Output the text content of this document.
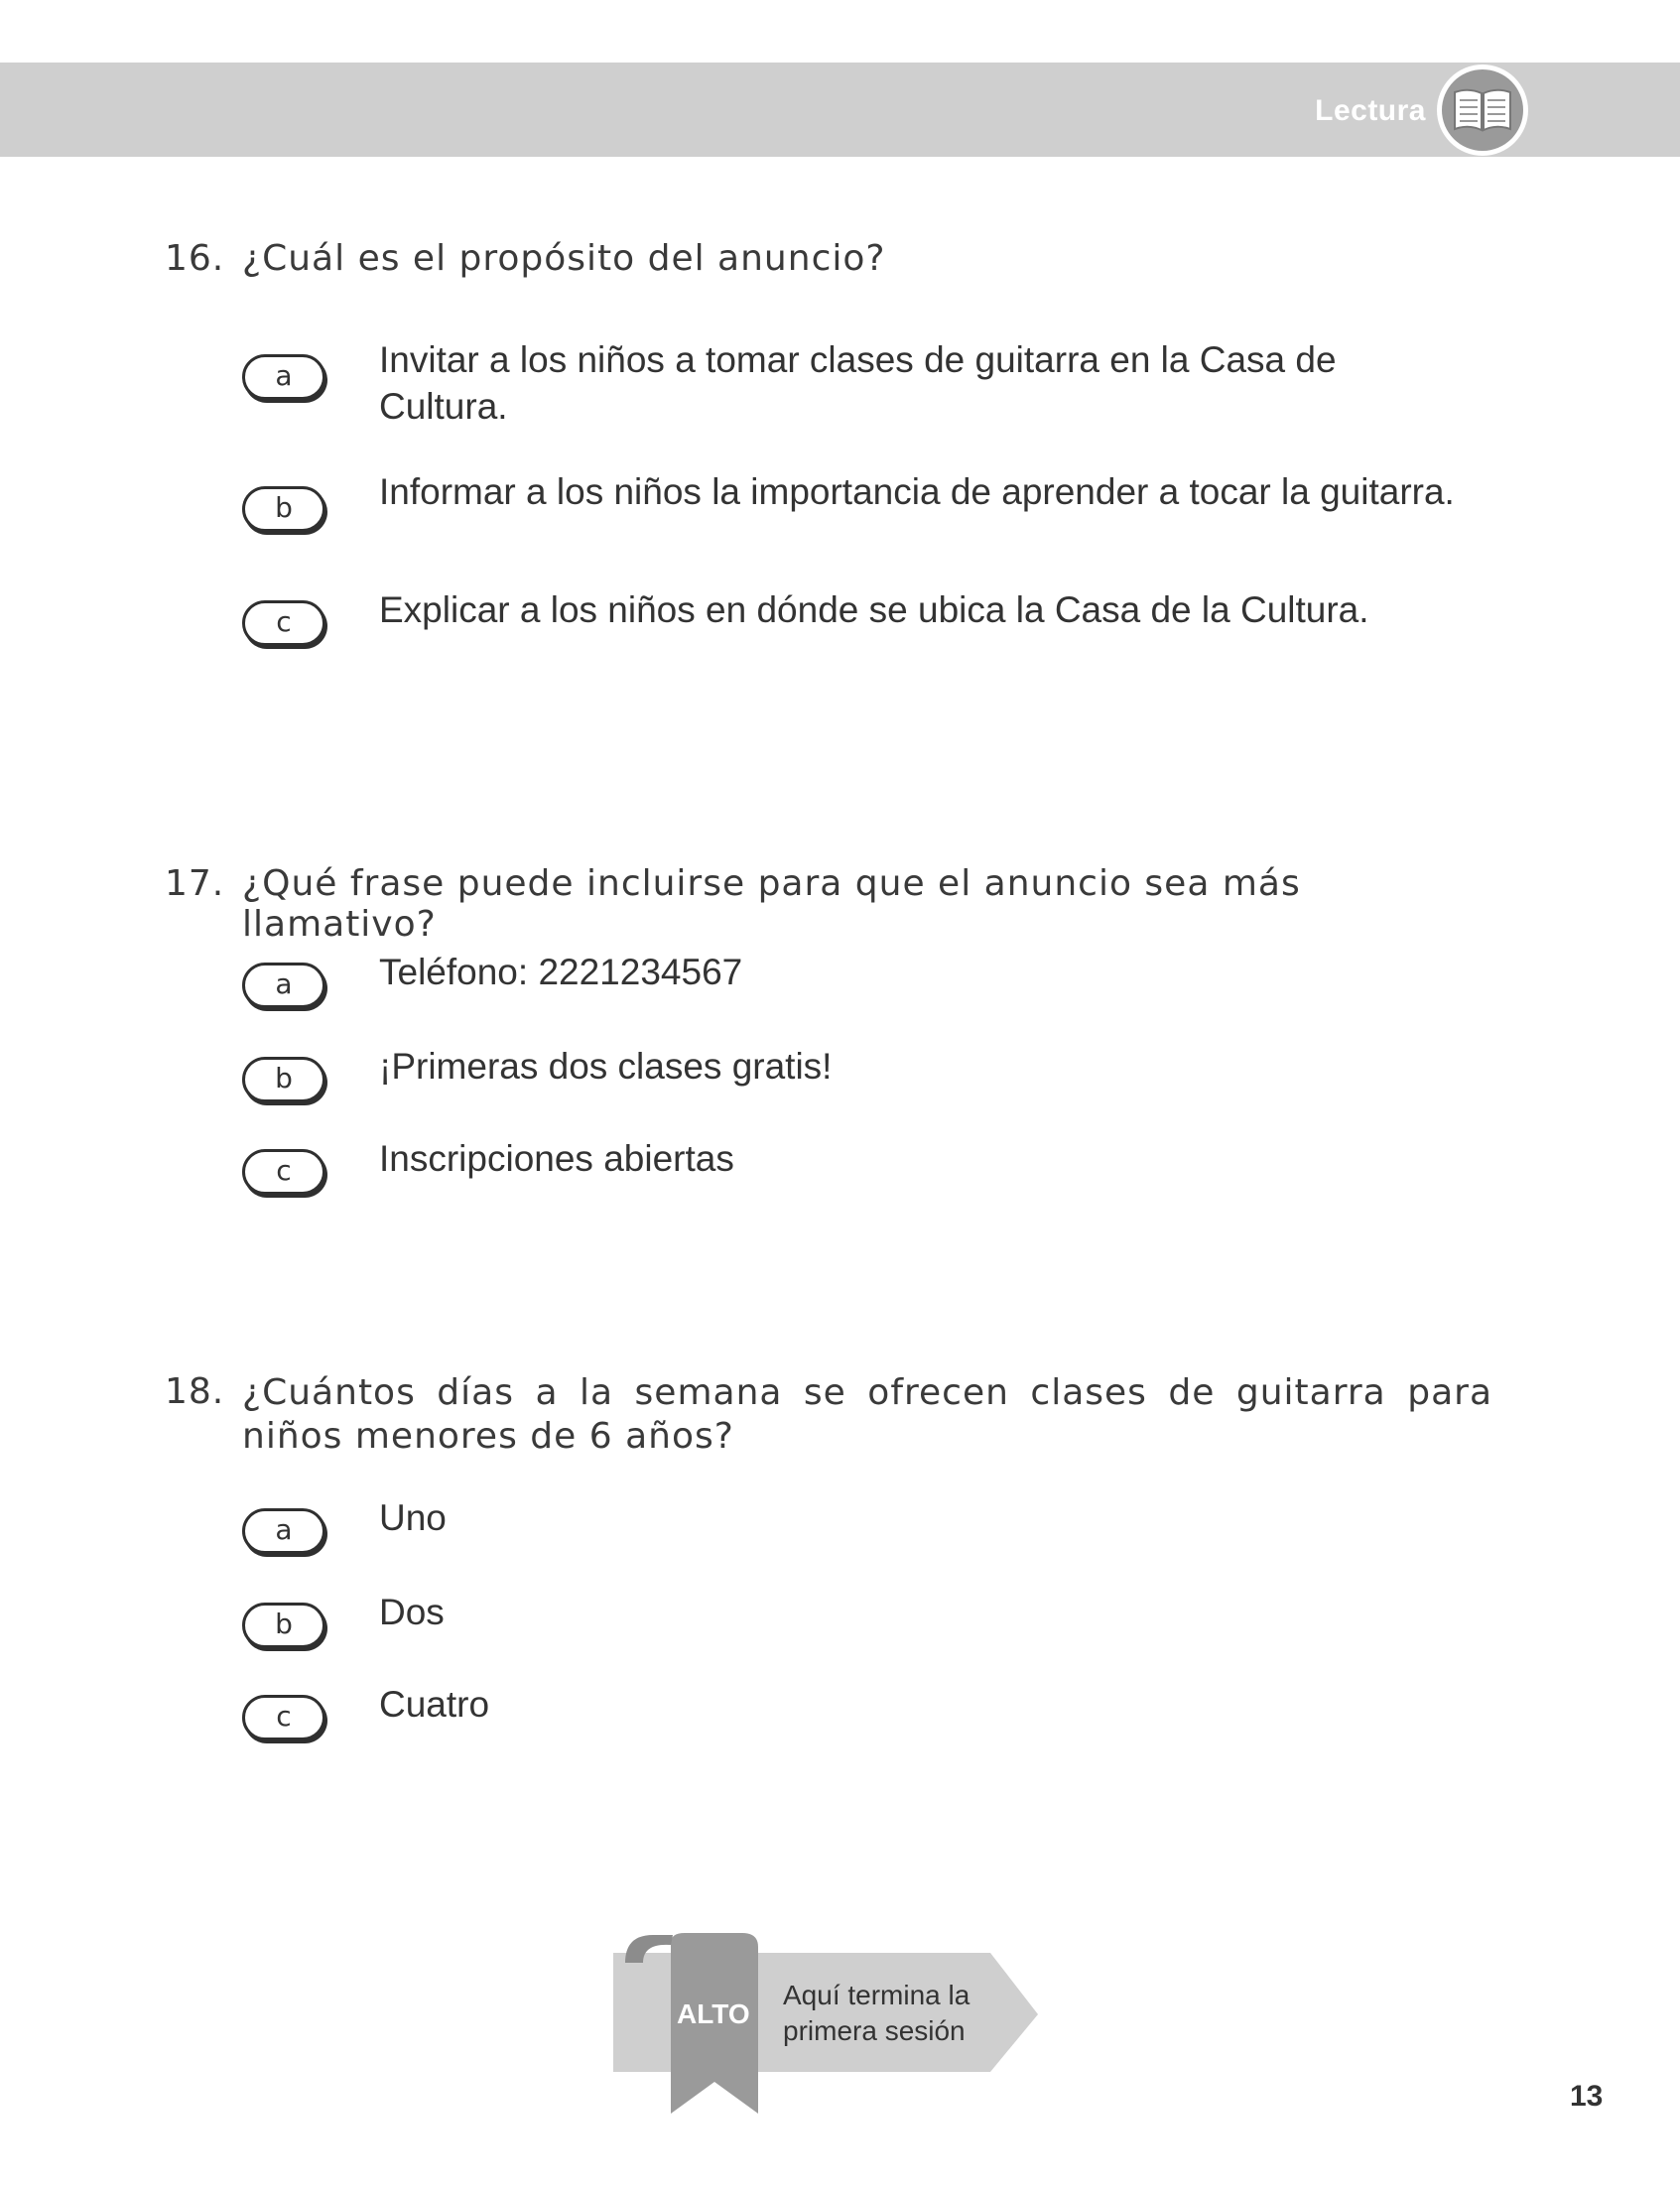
Lectura
16. ¿Cuál es el propósito del anuncio?
a	Invitar a los niños a tomar clases de guitarra en la Casa de Cultura.
b	Informar a los niños la importancia de aprender a tocar la guitarra.
c	Explicar a los niños en dónde se ubica la Casa de la Cultura.
17. ¿Qué frase puede incluirse para que el anuncio sea más llamativo?
a	Teléfono: 2221234567
b	¡Primeras dos clases gratis!
c	Inscripciones abiertas
18. ¿Cuántos días a la semana se ofrecen clases de guitarra para niños menores de 6 años?
a	Uno
b	Dos
c	Cuatro
ALTO
Aquí termina la
primera sesión
13
